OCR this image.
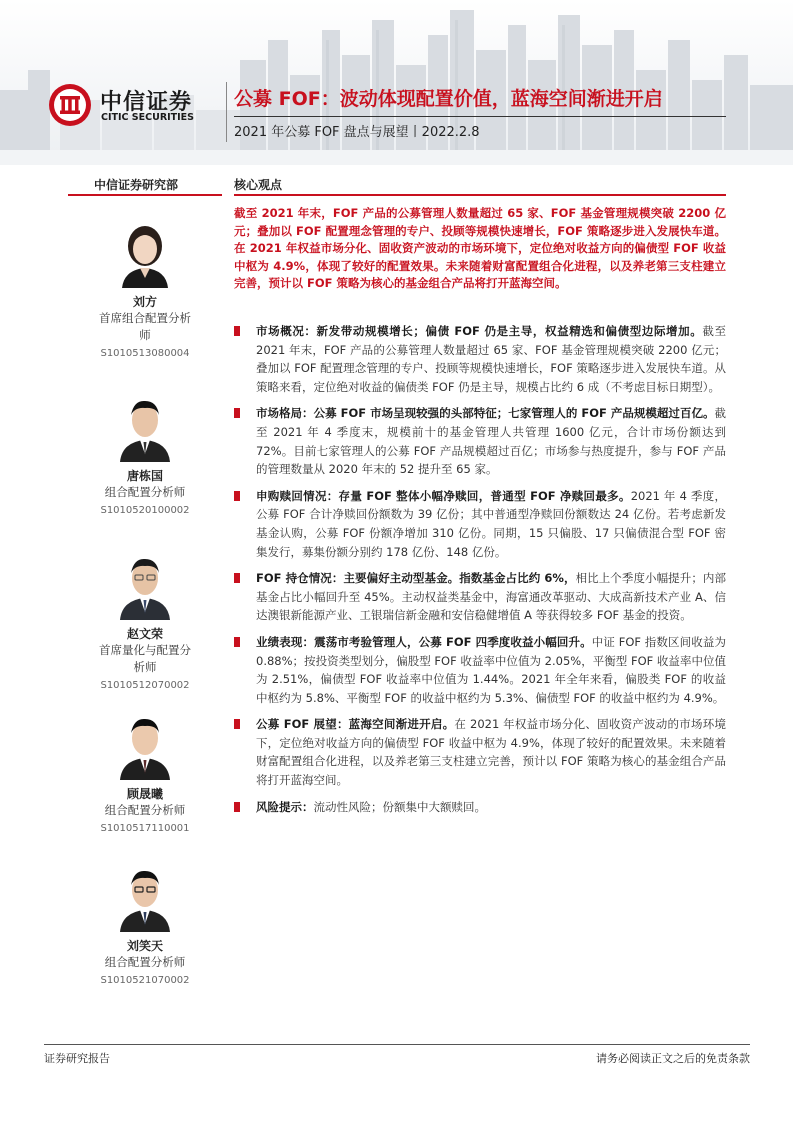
中信证券
CITIC SECURITIES
公募 FOF：波动体现配置价值，蓝海空间渐进开启
2021 年公募 FOF 盘点与展望丨2022.2.8
中信证券研究部	核心观点
刘方
首席组合配置分析
师
S1010513080004
唐栋国
组合配置分析师
S1010520100002
赵文荣
首席量化与配置分
析师
S1010512070002
顾晟曦
组合配置分析师
S1010517110001
刘笑天
组合配置分析师
S1010521070002
截至 2021 年末，FOF 产品的公募管理人数量超过 65 家、FOF 基金管理规模突破 2200 亿元；叠加以 FOF 配置理念管理的专户、投顾等规模快速增长，FOF 策略逐步进入发展快车道。在 2021 年权益市场分化、固收资产波动的市场环境下，定位绝对收益方向的偏债型 FOF 收益中枢为 4.9%，体现了较好的配置效果。未来随着财富配置组合化进程，以及养老第三支柱建立完善，预计以 FOF 策略为核心的基金组合产品将打开蓝海空间。
市场概况：新发带动规模增长；偏债 FOF 仍是主导，权益精选和偏债型边际增加。截至 2021 年末，FOF 产品的公募管理人数量超过 65 家、FOF 基金管理规模突破 2200 亿元；叠加以 FOF 配置理念管理的专户、投顾等规模快速增长，FOF 策略逐步进入发展快车道。从策略来看，定位绝对收益的偏债类 FOF 仍是主导，规模占比约 6 成（不考虑目标日期型）。
市场格局：公募 FOF 市场呈现较强的头部特征；七家管理人的 FOF 产品规模超过百亿。截至 2021 年 4 季度末，规模前十的基金管理人共管理 1600 亿元，合计市场份额达到 72%。目前七家管理人的公募 FOF 产品规模超过百亿；市场参与热度提升，参与 FOF 产品的管理数量从 2020 年末的 52 提升至 65 家。
申购赎回情况：存量 FOF 整体小幅净赎回，普通型 FOF 净赎回最多。2021 年 4 季度，公募 FOF 合计净赎回份额数为 39 亿份；其中普通型净赎回份额数达 24 亿份。若考虑新发基金认购，公募 FOF 份额净增加 310 亿份。同期，15 只偏股、17 只偏债混合型 FOF 密集发行，募集份额分别约 178 亿份、148 亿份。
FOF 持仓情况：主要偏好主动型基金。指数基金占比约 6%，相比上个季度小幅提升；内部基金占比小幅回升至 45%。主动权益类基金中，海富通改革驱动、大成高新技术产业 A、信达澳银新能源产业、工银瑞信新金融和安信稳健增值 A 等获得较多 FOF 基金的投资。
业绩表现：震荡市考验管理人，公募 FOF 四季度收益小幅回升。中证 FOF 指数区间收益为 0.88%；按投资类型划分，偏股型 FOF 收益率中位值为 2.05%，平衡型 FOF 收益率中位值为 2.51%，偏债型 FOF 收益率中位值为 1.44%。2021 年全年来看，偏股类 FOF 的收益中枢约为 5.8%、平衡型 FOF 的收益中枢约为 5.3%、偏债型 FOF 的收益中枢约为 4.9%。
公募 FOF 展望：蓝海空间渐进开启。在 2021 年权益市场分化、固收资产波动的市场环境下，定位绝对收益方向的偏债型 FOF 收益中枢为 4.9%，体现了较好的配置效果。未来随着财富配置组合化进程，以及养老第三支柱建立完善，预计以 FOF 策略为核心的基金组合产品将打开蓝海空间。
风险提示：流动性风险；份额集中大额赎回。
证券研究报告	请务必阅读正文之后的免责条款
